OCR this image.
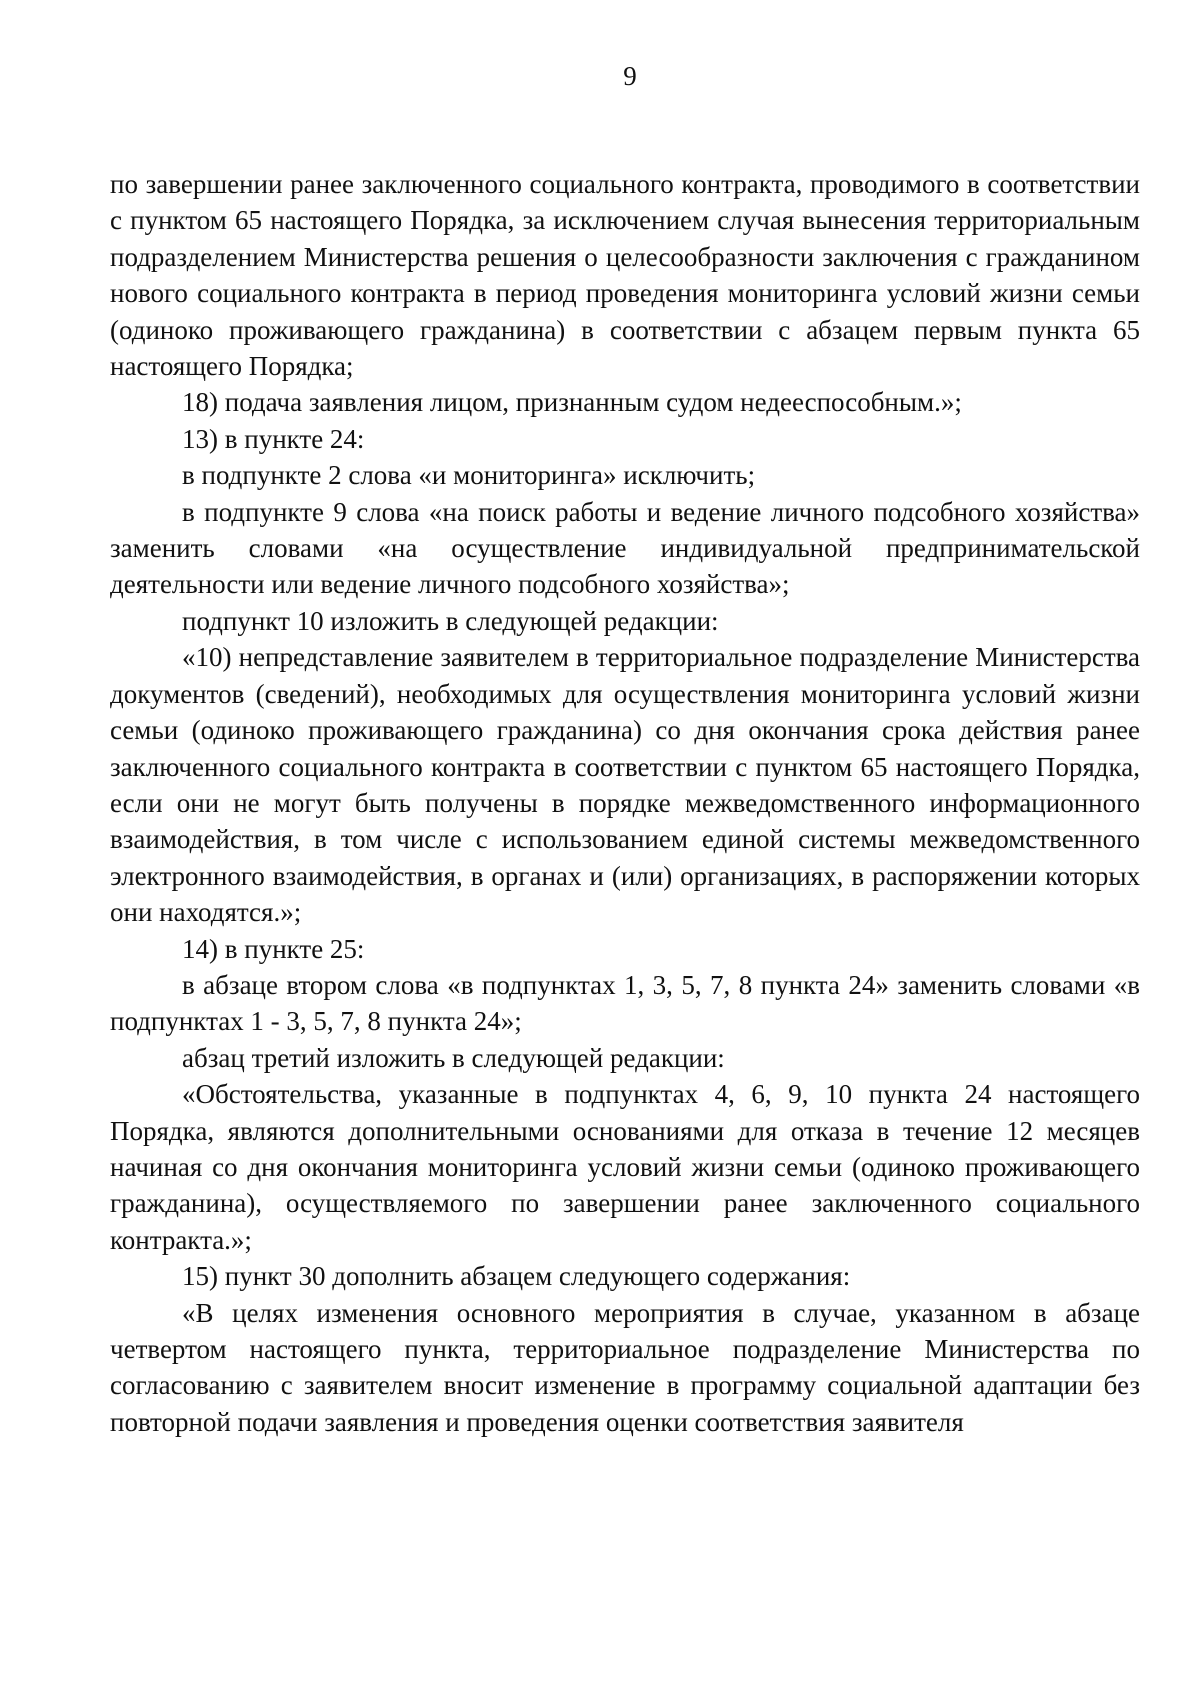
9

по завершении ранее заключенного социального контракта, проводимого в соответствии с пунктом 65 настоящего Порядка, за исключением случая вынесения территориальным подразделением Министерства решения о целесообразности заключения с гражданином нового социального контракта в период проведения мониторинга условий жизни семьи (одиноко проживающего гражданина) в соответствии с абзацем первым пункта 65 настоящего Порядка;

18) подача заявления лицом, признанным судом недееспособным.»;

13) в пункте 24:

в подпункте 2 слова «и мониторинга» исключить;

в подпункте 9 слова «на поиск работы и ведение личного подсобного хозяйства» заменить словами «на осуществление индивидуальной предпринимательской деятельности или ведение личного подсобного хозяйства»;

подпункт 10 изложить в следующей редакции:

«10) непредставление заявителем в территориальное подразделение Министерства документов (сведений), необходимых для осуществления мониторинга условий жизни семьи (одиноко проживающего гражданина) со дня окончания срока действия ранее заключенного социального контракта в соответствии с пунктом 65 настоящего Порядка, если они не могут быть получены в порядке межведомственного информационного взаимодействия, в том числе с использованием единой системы межведомственного электронного взаимодействия, в органах и (или) организациях, в распоряжении которых они находятся.»;

14) в пункте 25:

в абзаце втором слова «в подпунктах 1, 3, 5, 7, 8 пункта 24» заменить словами «в подпунктах 1 - 3, 5, 7, 8 пункта 24»;

абзац третий изложить в следующей редакции:

«Обстоятельства, указанные в подпунктах 4, 6, 9, 10 пункта 24 настоящего Порядка, являются дополнительными основаниями для отказа в течение 12 месяцев начиная со дня окончания мониторинга условий жизни семьи (одиноко проживающего гражданина), осуществляемого по завершении ранее заключенного социального контракта.»;

15) пункт 30 дополнить абзацем следующего содержания:

«В целях изменения основного мероприятия в случае, указанном в абзаце четвертом настоящего пункта, территориальное подразделение Министерства по согласованию с заявителем вносит изменение в программу социальной адаптации без повторной подачи заявления и проведения оценки соответствия заявителя
